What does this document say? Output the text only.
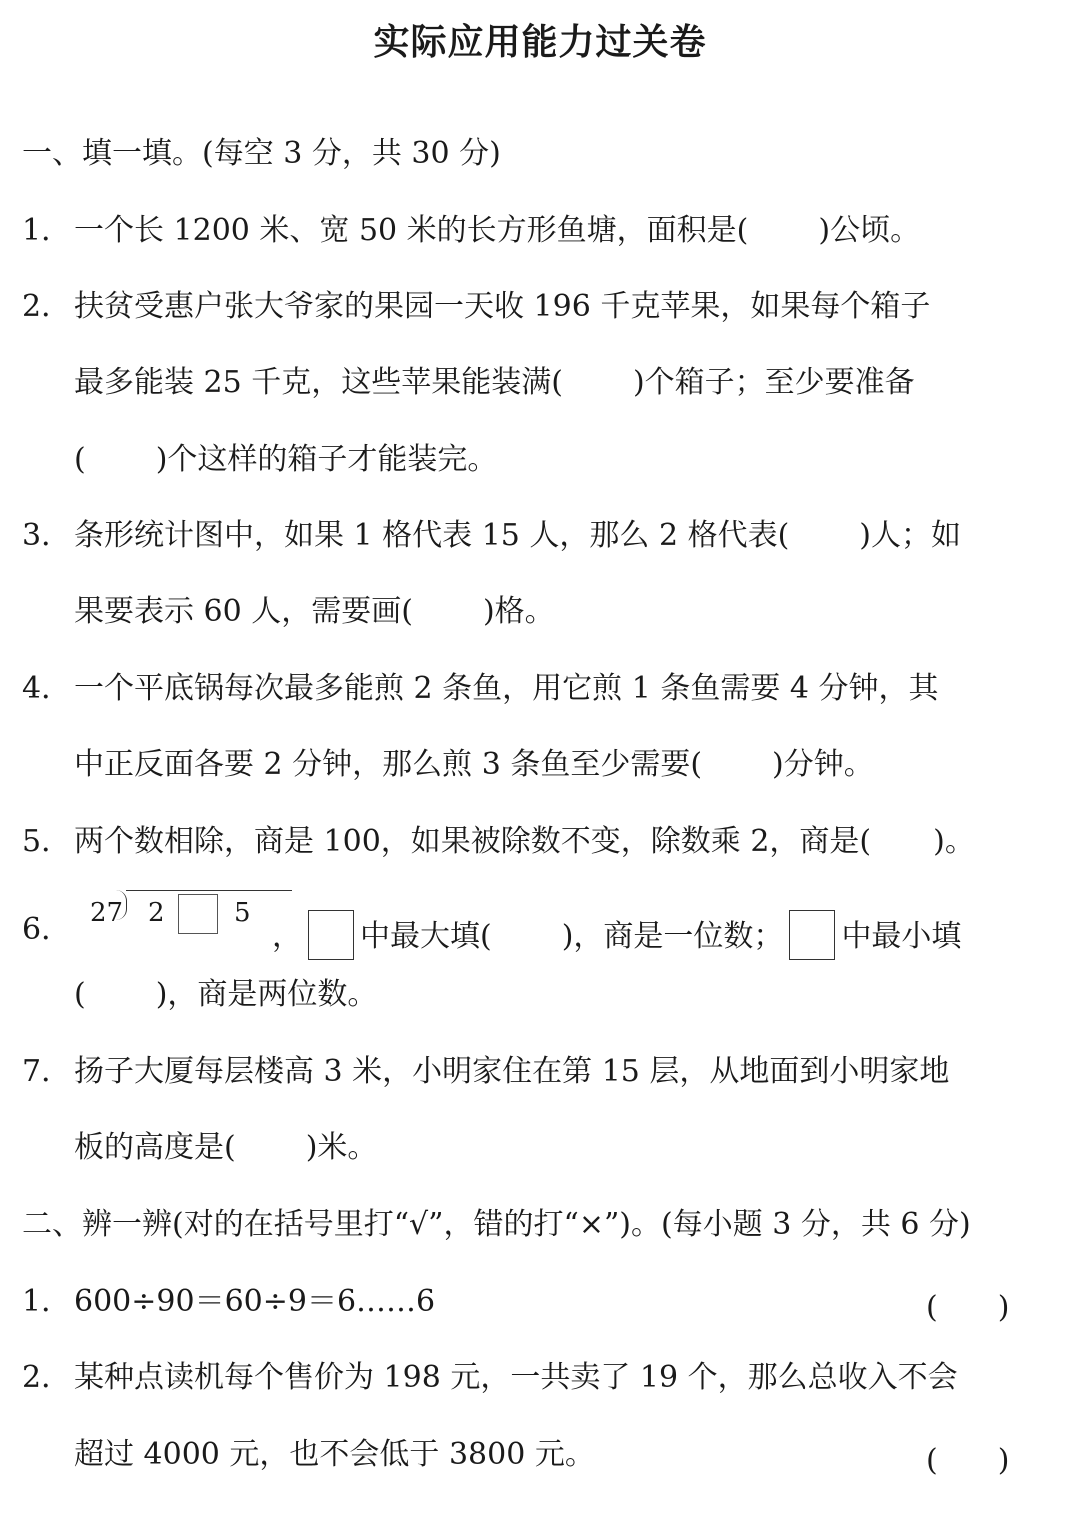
实际应用能力过关卷
一、填一填。(每空 3 分，共 30 分)
1．一个长 1200 米、宽 50 米的长方形鱼塘，面积是( )公顷。
2．扶贫受惠户张大爷家的果园一天收 196 千克苹果，如果每个箱子
最多能装 25 千克，这些苹果能装满( )个箱子；至少要准备
( )个这样的箱子才能装完。
3．条形统计图中，如果 1 格代表 15 人，那么 2 格代表( )人；如
果要表示 60 人，需要画( )格。
4．一个平底锅每次最多能煎 2 条鱼，用它煎 1 条鱼需要 4 分钟，其
中正反面各要 2 分钟，那么煎 3 条鱼至少需要( )分钟。
5．两个数相除，商是 100，如果被除数不变，除数乘 2，商是( )。
6． 27 2	5
， 中最大填( )，商是一位数； 中最小填
( )，商是两位数。
7．扬子大厦每层楼高 3 米，小明家住在第 15 层，从地面到小明家地
板的高度是( )米。
二、辨一辨(对的在括号里打“√”，错的打“×”)。(每小题 3 分，共 6 分)
1．600÷90＝60÷9＝6……6	(　　)
2．某种点读机每个售价为 198 元，一共卖了 19 个，那么总收入不会
超过 4000 元，也不会低于 3800 元。	(　　)
